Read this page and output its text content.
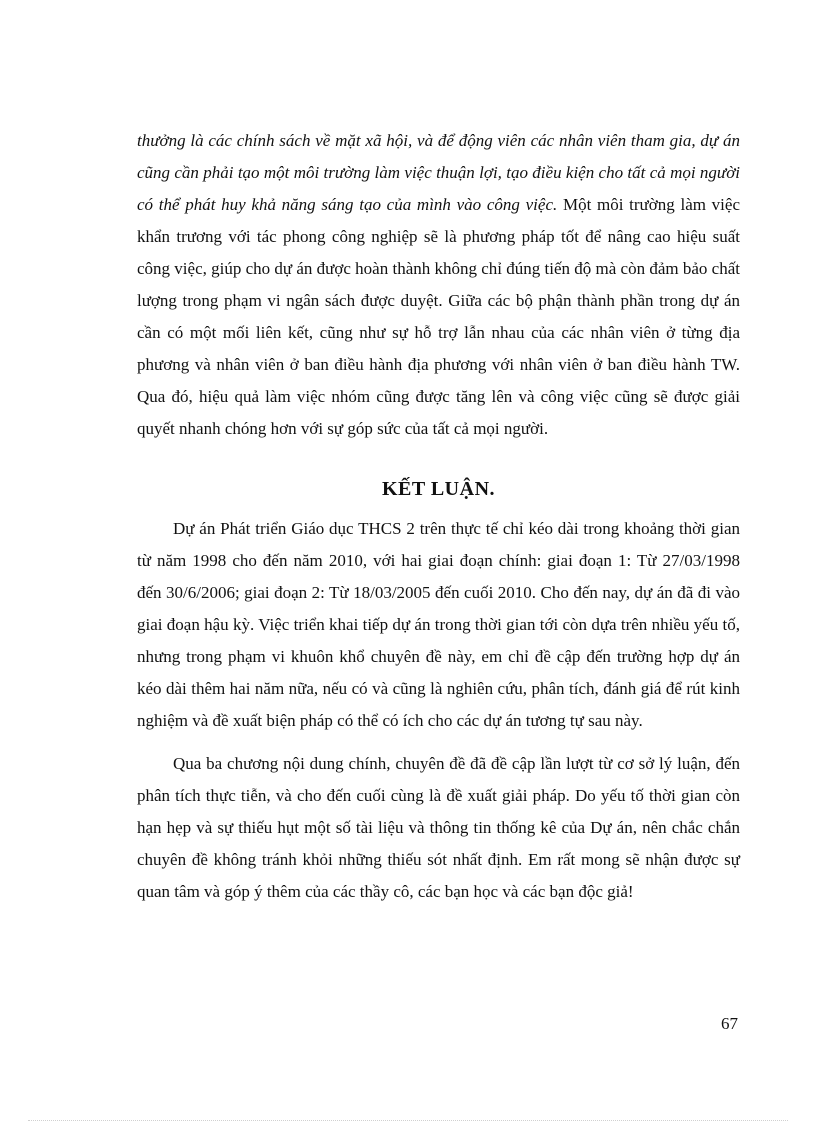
thưởng là các chính sách về mặt xã hội, và để động viên các nhân viên tham gia, dự án cũng cần phải tạo một môi trường làm việc thuận lợi, tạo điều kiện cho tất cả mọi người có thể phát huy khả năng sáng tạo của mình vào công việc. Một môi trường làm việc khẩn trương với tác phong công nghiệp sẽ là phương pháp tốt để nâng cao hiệu suất công việc, giúp cho dự án được hoàn thành không chỉ đúng tiến độ mà còn đảm bảo chất lượng trong phạm vi ngân sách được duyệt. Giữa các bộ phận thành phần trong dự án cần có một mối liên kết, cũng như sự hỗ trợ lẫn nhau của các nhân viên ở từng địa phương và nhân viên ở ban điều hành địa phương với nhân viên ở ban điều hành TW. Qua đó, hiệu quả làm việc nhóm cũng được tăng lên và công việc cũng sẽ được giải quyết nhanh chóng hơn với sự góp sức của tất cả mọi người.
KẾT LUẬN.
Dự án Phát triển Giáo dục THCS 2 trên thực tế chỉ kéo dài trong khoảng thời gian từ năm 1998 cho đến năm 2010, với hai giai đoạn chính: giai đoạn 1: Từ 27/03/1998 đến 30/6/2006; giai đoạn 2: Từ 18/03/2005 đến cuối 2010. Cho đến nay, dự án đã đi vào giai đoạn hậu kỳ. Việc triển khai tiếp dự án trong thời gian tới còn dựa trên nhiều yếu tố, nhưng trong phạm vi khuôn khổ chuyên đề này, em chỉ đề cập đến trường hợp dự án kéo dài thêm hai năm nữa, nếu có và cũng là nghiên cứu, phân tích, đánh giá để rút kinh nghiệm và đề xuất biện pháp có thể có ích cho các dự án tương tự sau này.
Qua ba chương nội dung chính, chuyên đề đã đề cập lần lượt từ cơ sở lý luận, đến phân tích thực tiễn, và cho đến cuối cùng là đề xuất giải pháp. Do yếu tố thời gian còn hạn hẹp và sự thiếu hụt một số tài liệu và thông tin thống kê của Dự án, nên chắc chắn chuyên đề không tránh khỏi những thiếu sót nhất định. Em rất mong sẽ nhận được sự quan tâm và góp ý thêm của các thầy cô, các bạn học và các bạn độc giả!
67
